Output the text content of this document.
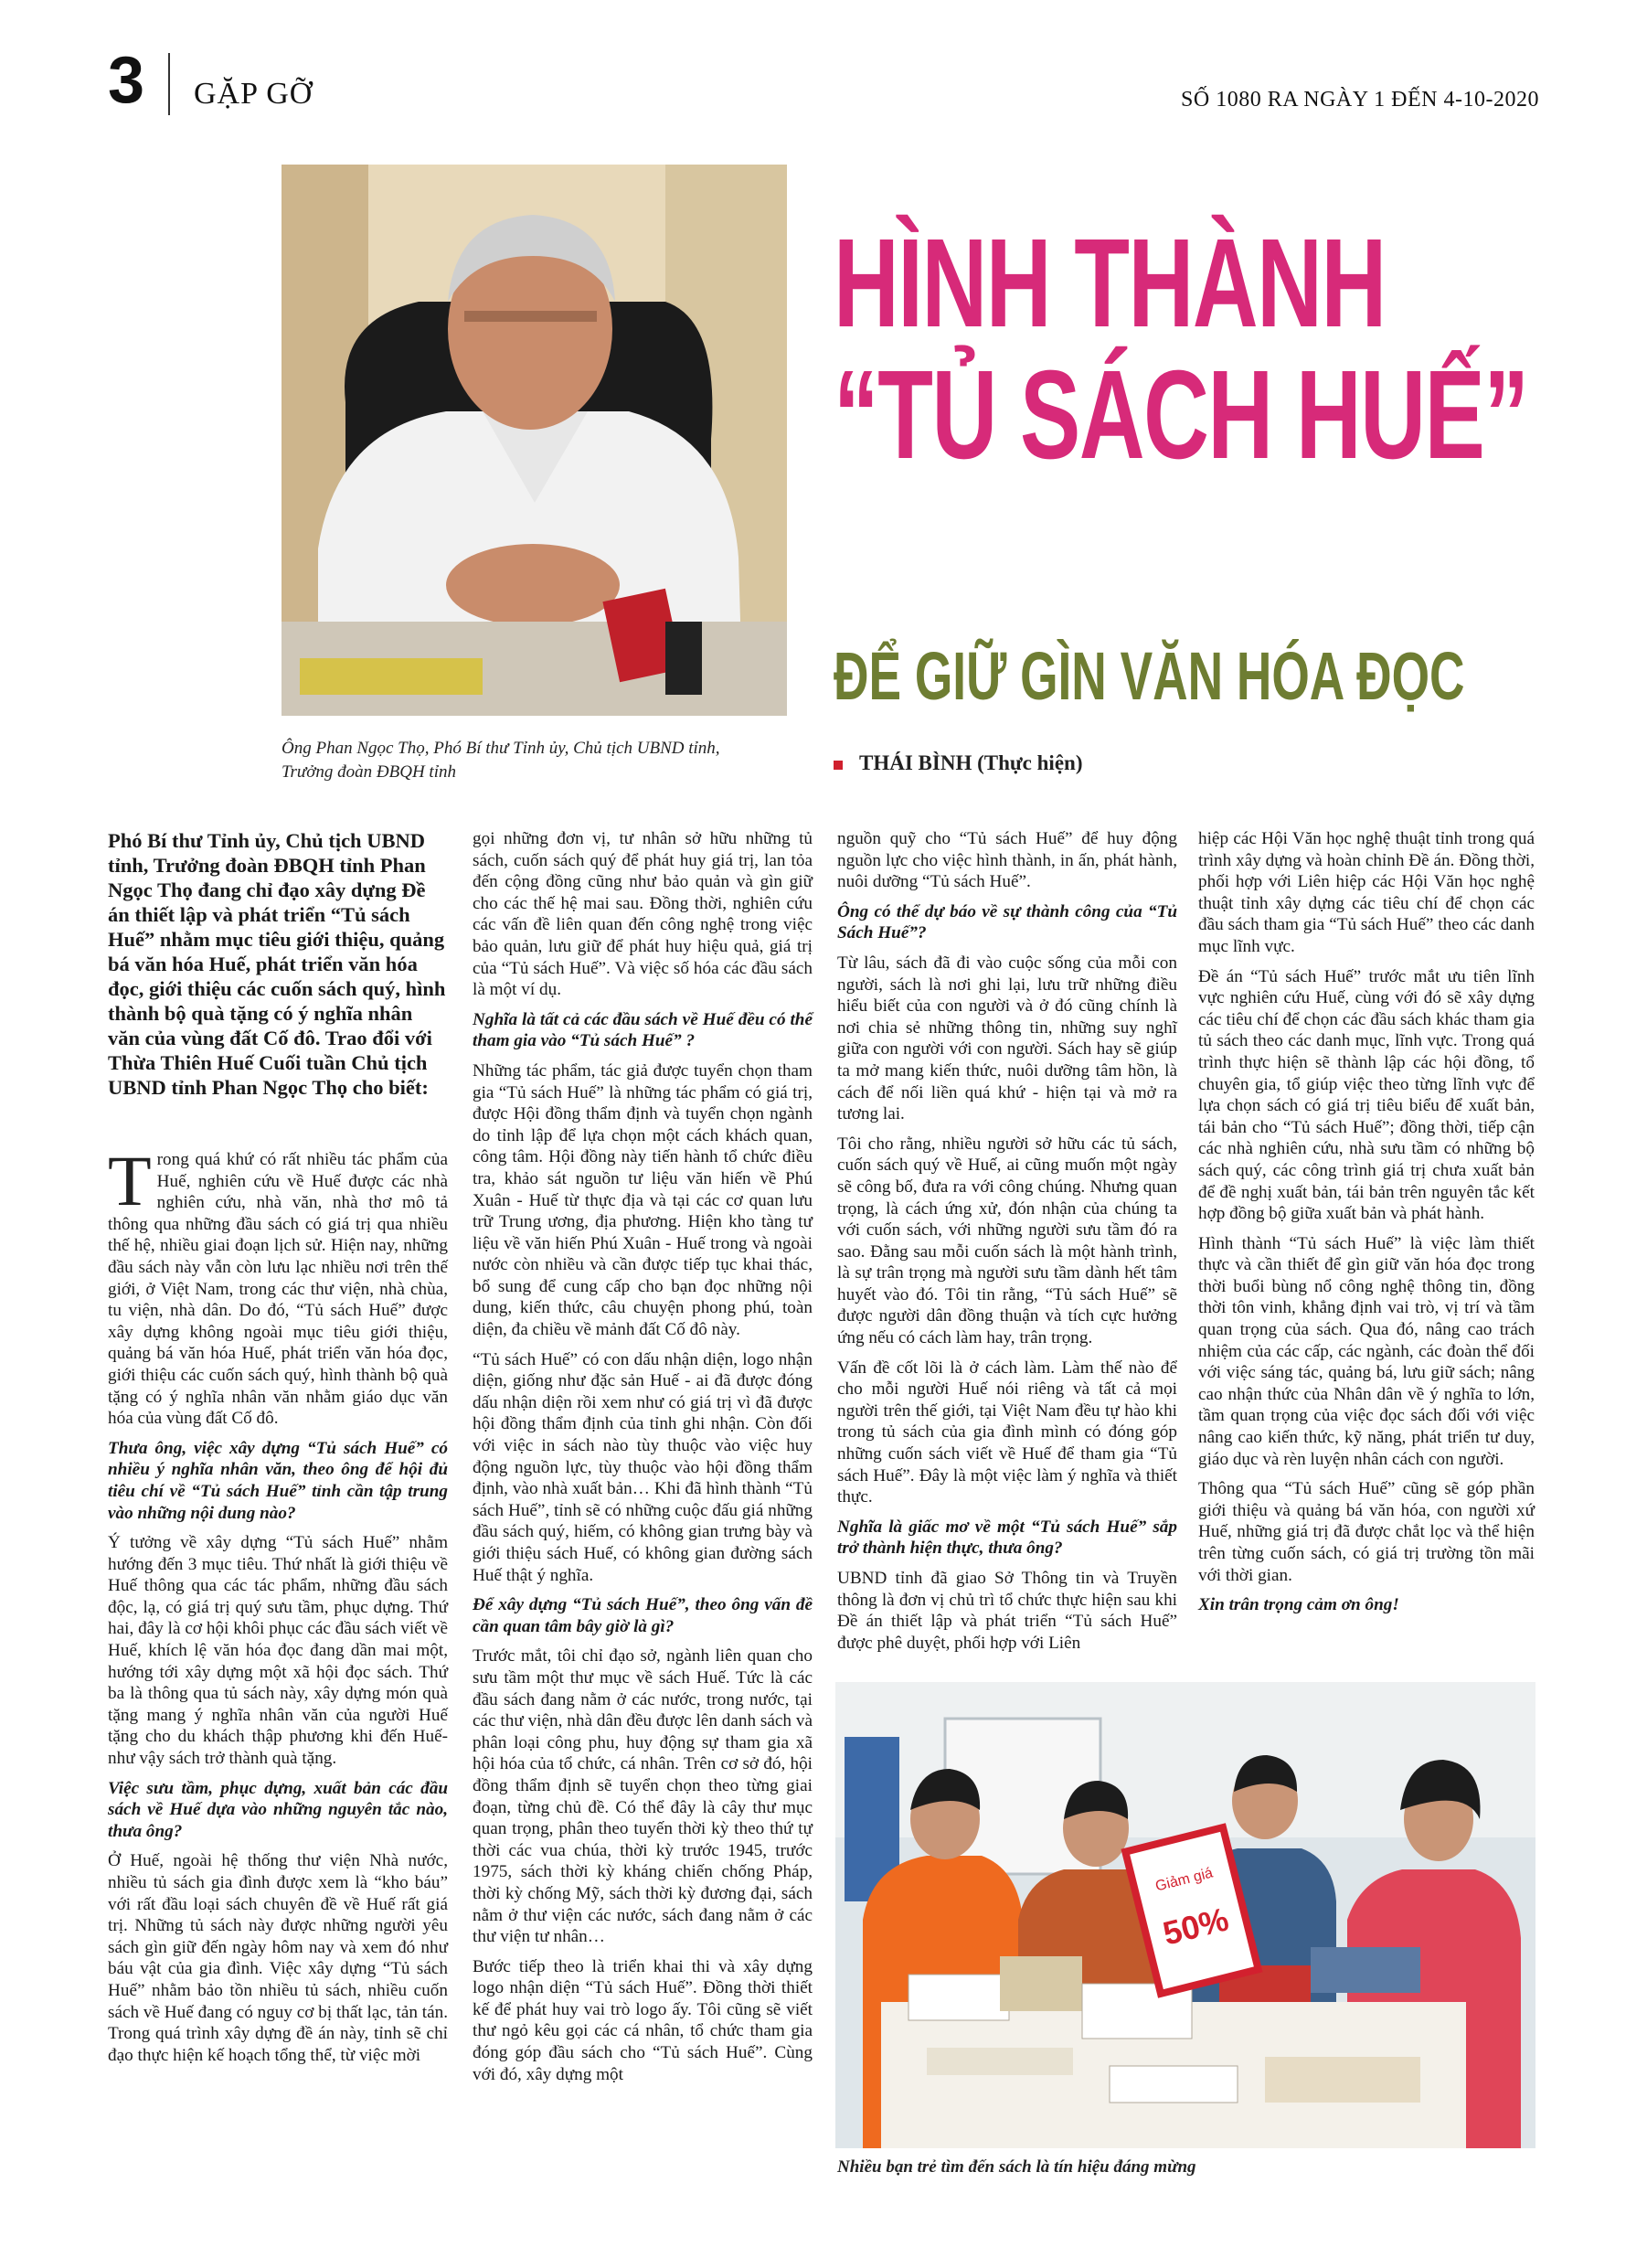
3 GẶP GỠ	SỐ 1080 RA NGÀY 1 ĐẾN 4-10-2020
Ông Phan Ngọc Thọ, Phó Bí thư Tỉnh ủy, Chủ tịch UBND tỉnh,
Trưởng đoàn ĐBQH tỉnh
HÌNH THÀNH
“TỦ SÁCH HUẾ”
ĐỂ GIỮ GÌN VĂN HÓA ĐỌC
THÁI BÌNH (Thực hiện)

Phó Bí thư Tỉnh ủy, Chủ tịch UBND tỉnh, Trưởng đoàn ĐBQH tỉnh Phan Ngọc Thọ đang chỉ đạo xây dựng Đề án thiết lập và phát triển “Tủ sách Huế” nhằm mục tiêu giới thiệu, quảng bá văn hóa Huế, phát triển văn hóa đọc, giới thiệu các cuốn sách quý, hình thành bộ quà tặng có ý nghĩa nhân văn của vùng đất Cố đô. Trao đổi với Thừa Thiên Huế Cuối tuần Chủ tịch UBND tỉnh Phan Ngọc Thọ cho biết:

Trong quá khứ có rất nhiều tác phẩm của Huế, nghiên cứu về Huế được các nhà nghiên cứu, nhà văn, nhà thơ mô tả thông qua những đầu sách có giá trị qua nhiều thế hệ, nhiều giai đoạn lịch sử. Hiện nay, những đầu sách này vẫn còn lưu lạc nhiều nơi trên thế giới, ở Việt Nam, trong các thư viện, nhà chùa, tu viện, nhà dân. Do đó, “Tủ sách Huế” được xây dựng không ngoài mục tiêu giới thiệu, quảng bá văn hóa Huế, phát triển văn hóa đọc, giới thiệu các cuốn sách quý, hình thành bộ quà tặng có ý nghĩa nhân văn nhằm giáo dục văn hóa của vùng đất Cố đô.

Thưa ông, việc xây dựng “Tủ sách Huế” có nhiều ý nghĩa nhân văn, theo ông để hội đủ tiêu chí về “Tủ sách Huế” tỉnh cần tập trung vào những nội dung nào?

Ý tưởng về xây dựng “Tủ sách Huế” nhằm hướng đến 3 mục tiêu. Thứ nhất là giới thiệu về Huế thông qua các tác phẩm, những đầu sách độc, lạ, có giá trị quý sưu tầm, phục dựng. Thứ hai, đây là cơ hội khôi phục các đầu sách viết về Huế, khích lệ văn hóa đọc đang dần mai một, hướng tới xây dựng một xã hội đọc sách. Thứ ba là thông qua tủ sách này, xây dựng món quà tặng mang ý nghĩa nhân văn của người Huế tặng cho du khách thập phương khi đến Huế- như vậy sách trở thành quà tặng.

Việc sưu tầm, phục dựng, xuất bản các đầu sách về Huế dựa vào những nguyên tắc nào, thưa ông?

Ở Huế, ngoài hệ thống thư viện Nhà nước, nhiều tủ sách gia đình được xem là “kho báu” với rất đầu loại sách chuyên đề về Huế rất giá trị. Những tủ sách này được những người yêu sách gìn giữ đến ngày hôm nay và xem đó như báu vật của gia đình. Việc xây dựng “Tủ sách Huế” nhằm bảo tồn nhiều tủ sách, nhiều cuốn sách về Huế đang có nguy cơ bị thất lạc, tản tán. Trong quá trình xây dựng đề án này, tỉnh sẽ chỉ đạo thực hiện kế hoạch tổng thể, từ việc mời

gọi những đơn vị, tư nhân sở hữu những tủ sách, cuốn sách quý để phát huy giá trị, lan tỏa đến cộng đồng cũng như bảo quản và gìn giữ cho các thế hệ mai sau. Đồng thời, nghiên cứu các vấn đề liên quan đến công nghệ trong việc bảo quản, lưu giữ để phát huy hiệu quả, giá trị của “Tủ sách Huế”. Và việc số hóa các đầu sách là một ví dụ.

Nghĩa là tất cả các đầu sách về Huế đều có thể tham gia vào “Tủ sách Huế” ?

Những tác phẩm, tác giả được tuyển chọn tham gia “Tủ sách Huế” là những tác phẩm có giá trị, được Hội đồng thẩm định và tuyển chọn ngành do tỉnh lập để lựa chọn một cách khách quan, công tâm. Hội đồng này tiến hành tổ chức điều tra, khảo sát nguồn tư liệu văn hiến về Phú Xuân - Huế từ thực địa và tại các cơ quan lưu trữ Trung ương, địa phương. Hiện kho tàng tư liệu về văn hiến Phú Xuân - Huế trong và ngoài nước còn nhiều và cần được tiếp tục khai thác, bổ sung để cung cấp cho bạn đọc những nội dung, kiến thức, câu chuyện phong phú, toàn diện, đa chiều về mảnh đất Cố đô này.

“Tủ sách Huế” có con dấu nhận diện, logo nhận diện, giống như đặc sản Huế - ai đã được đóng dấu nhận diện rồi xem như có giá trị vì đã được hội đồng thẩm định của tỉnh ghi nhận. Còn đối với việc in sách nào tùy thuộc vào việc huy động nguồn lực, tùy thuộc vào hội đồng thẩm định, vào nhà xuất bản… Khi đã hình thành “Tủ sách Huế”, tỉnh sẽ có những cuộc đấu giá những đầu sách quý, hiếm, có không gian trưng bày và giới thiệu sách Huế, có không gian đường sách Huế thật ý nghĩa.

Để xây dựng “Tủ sách Huế”, theo ông vấn đề cần quan tâm bây giờ là gì?

Trước mắt, tôi chỉ đạo sở, ngành liên quan cho sưu tầm một thư mục về sách Huế. Tức là các đầu sách đang nằm ở các nước, trong nước, tại các thư viện, nhà dân đều được lên danh sách và phân loại công phu, huy động sự tham gia xã hội hóa của tổ chức, cá nhân. Trên cơ sở đó, hội đồng thẩm định sẽ tuyển chọn theo từng giai đoạn, từng chủ đề. Có thể đây là cây thư mục quan trọng, phân theo tuyến thời kỳ theo thứ tự thời các vua chúa, thời kỳ trước 1945, trước 1975, sách thời kỳ kháng chiến chống Pháp, thời kỳ chống Mỹ, sách thời kỳ đương đại, sách nằm ở thư viện các nước, sách đang nằm ở các thư viện tư nhân…

Bước tiếp theo là triển khai thi và xây dựng logo nhận diện “Tủ sách Huế”. Đồng thời thiết kế để phát huy vai trò logo ấy. Tôi cũng sẽ viết thư ngỏ kêu gọi các cá nhân, tổ chức tham gia đóng góp đầu sách cho “Tủ sách Huế”. Cùng với đó, xây dựng một

nguồn quỹ cho “Tủ sách Huế” để huy động nguồn lực cho việc hình thành, in ấn, phát hành, nuôi dưỡng “Tủ sách Huế”.

Ông có thể dự báo về sự thành công của “Tủ Sách Huế”?

Từ lâu, sách đã đi vào cuộc sống của mỗi con người, sách là nơi ghi lại, lưu trữ những điều hiểu biết của con người và ở đó cũng chính là nơi chia sẻ những thông tin, những suy nghĩ giữa con người với con người. Sách hay sẽ giúp ta mở mang kiến thức, nuôi dưỡng tâm hồn, là cách để nối liền quá khứ - hiện tại và mở ra tương lai.

Tôi cho rằng, nhiều người sở hữu các tủ sách, cuốn sách quý về Huế, ai cũng muốn một ngày sẽ công bố, đưa ra với công chúng. Nhưng quan trọng, là cách ứng xử, đón nhận của chúng ta với cuốn sách, với những người sưu tầm đó ra sao. Đằng sau mỗi cuốn sách là một hành trình, là sự trân trọng mà người sưu tầm dành hết tâm huyết vào đó. Tôi tin rằng, “Tủ sách Huế” sẽ được người dân đồng thuận và tích cực hưởng ứng nếu có cách làm hay, trân trọng.

Vấn đề cốt lõi là ở cách làm. Làm thế nào để cho mỗi người Huế nói riêng và tất cả mọi người trên thế giới, tại Việt Nam đều tự hào khi trong tủ sách của gia đình mình có đóng góp những cuốn sách viết về Huế để tham gia “Tủ sách Huế”. Đây là một việc làm ý nghĩa và thiết thực.

Nghĩa là giấc mơ về một “Tủ sách Huế” sắp trở thành hiện thực, thưa ông?

UBND tỉnh đã giao Sở Thông tin và Truyền thông là đơn vị chủ trì tổ chức thực hiện sau khi Đề án thiết lập và phát triển “Tủ sách Huế” được phê duyệt, phối hợp với Liên

hiệp các Hội Văn học nghệ thuật tỉnh trong quá trình xây dựng và hoàn chỉnh Đề án. Đồng thời, phối hợp với Liên hiệp các Hội Văn học nghệ thuật tỉnh xây dựng các tiêu chí để chọn các đầu sách tham gia “Tủ sách Huế” theo các danh mục lĩnh vực.

Đề án “Tủ sách Huế” trước mắt ưu tiên lĩnh vực nghiên cứu Huế, cùng với đó sẽ xây dựng các tiêu chí để chọn các đầu sách khác tham gia tủ sách theo các danh mục, lĩnh vực. Trong quá trình thực hiện sẽ thành lập các hội đồng, tổ chuyên gia, tổ giúp việc theo từng lĩnh vực để lựa chọn sách có giá trị tiêu biểu để xuất bản, tái bản cho “Tủ sách Huế”; đồng thời, tiếp cận các nhà nghiên cứu, nhà sưu tầm có những bộ sách quý, các công trình giá trị chưa xuất bản để đề nghị xuất bản, tái bản trên nguyên tắc kết hợp đồng bộ giữa xuất bản và phát hành.

Hình thành “Tủ sách Huế” là việc làm thiết thực và cần thiết để gìn giữ văn hóa đọc trong thời buổi bùng nổ công nghệ thông tin, đồng thời tôn vinh, khẳng định vai trò, vị trí và tầm quan trọng của sách. Qua đó, nâng cao trách nhiệm của các cấp, các ngành, các đoàn thể đối với việc sáng tác, quảng bá, lưu giữ sách; nâng cao nhận thức của Nhân dân về ý nghĩa to lớn, tầm quan trọng của việc đọc sách đối với việc nâng cao kiến thức, kỹ năng, phát triển tư duy, giáo dục và rèn luyện nhân cách con người.

Thông qua “Tủ sách Huế” cũng sẽ góp phần giới thiệu và quảng bá văn hóa, con người xứ Huế, những giá trị đã được chắt lọc và thể hiện trên từng cuốn sách, có giá trị trường tồn mãi với thời gian.

Xin trân trọng cảm ơn ông!

Giảm giá
50%
Nhiều bạn trẻ tìm đến sách là tín hiệu đáng mừng
